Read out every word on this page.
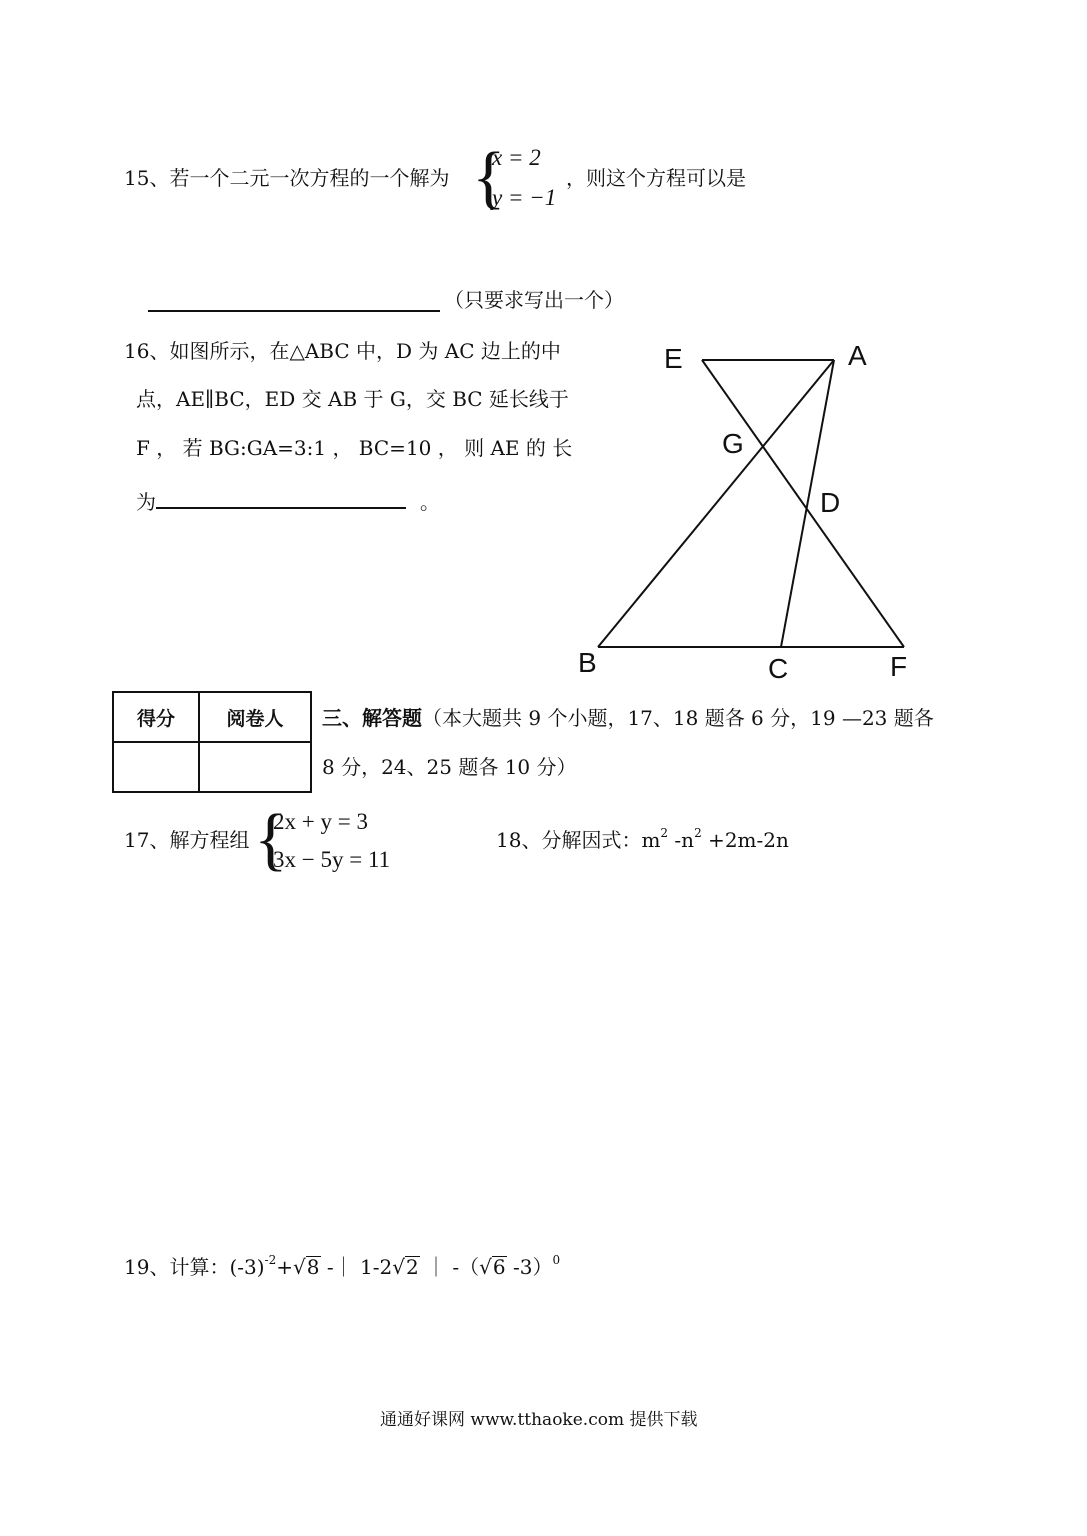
15、若一个二元一次方程的一个解为 {
x = 2
y = −1
，则这个方程可以是
（只要求写出一个）
16、如图所示，在△ABC 中，D 为 AC 边上的中
点，AE∥BC，ED 交 AB 于 G，交 BC 延长线于
F ， 若 BG:GA=3:1 ， BC=10 ， 则 AE 的 长
为	。
E	A
G
D
B	C	F
得分	阅卷人
	三、解答题（本大题共 9 个小题，17、18 题各 6 分，19 —23 题各
8 分，24、25 题各 10 分）
17、解方程组 {
2x + y = 3
3x − 5y = 11
18、分解因式：$m^2$ $-n^2 +2m-2n$
19、计算：$(-3)^{-2}+√8$ -｜ 1-2√2 ｜ -（√6 -3）$^0$
通通好课网 www.tthaoke.com 提供下载
